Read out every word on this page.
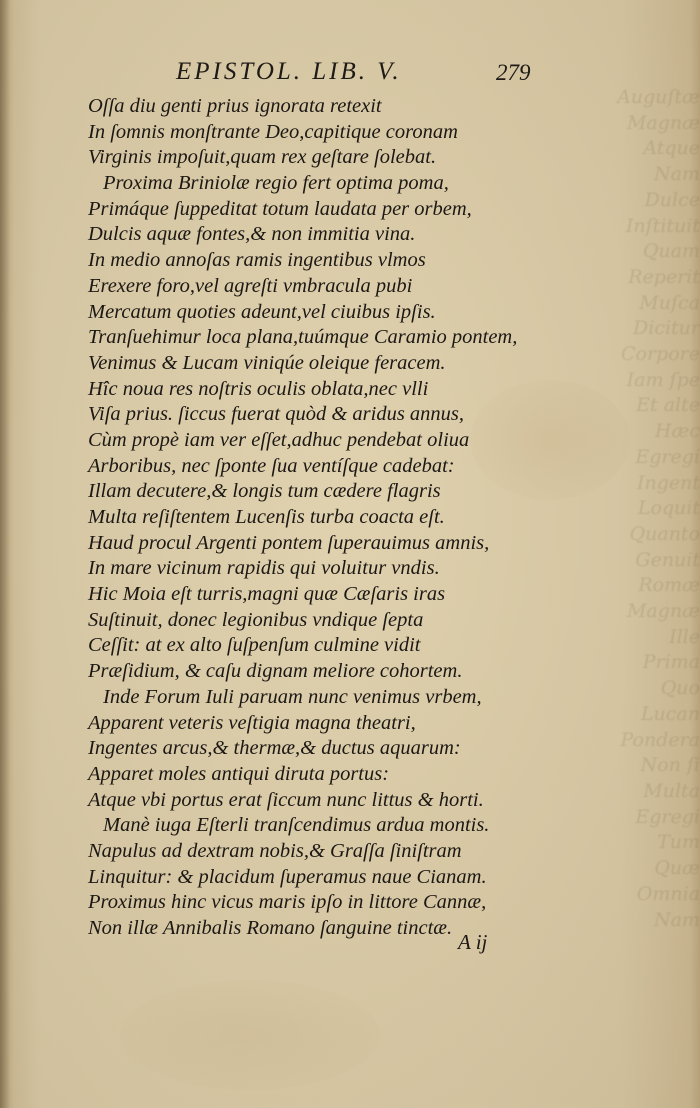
Auguſtæ
Magnæ
Atque
Nam
Dulce
Inſtituit
Quam
Reperit
Muſca
Dicitur
Corpore
Iam ſpe
Et alte
Hæc
Egregi
Ingent
Loquit
Quanto
Genuit
Romæ
Magnæ
Ille
Prima
Quo
Lucan
Pondera
Non ſi
Multa
Egregi
Tum
Quæ
Omnia
Nam
EPISTOL. LIB. V.	279
Oſſa diu genti prius ignorata retexit
In ſomnis monſtrante Deo,capitique coronam
Virginis impoſuit,quam rex geſtare ſolebat.
Proxima Briniolæ regio fert optima poma,
Primáque ſuppeditat totum laudata per orbem,
Dulcis aquæ fontes,& non immitia vina.
In medio annoſas ramis ingentibus vlmos
Erexere foro,vel agreſti vmbracula pubi
Mercatum quoties adeunt,vel ciuibus ipſis.
Tranſuehimur loca plana,tuúmque Caramio pontem,
Venimus & Lucam viniqúe oleique feracem.
Hîc noua res noſtris oculis oblata,nec vlli
Viſa prius. ſiccus fuerat quòd & aridus annus,
Cùm propè iam ver eſſet,adhuc pendebat oliua
Arboribus, nec ſponte ſua ventíſque cadebat:
Illam decutere,& longis tum cædere flagris
Multa reſiſtentem Lucenſis turba coacta eſt.
Haud procul Argenti pontem ſuperauimus amnis,
In mare vicinum rapidis qui voluitur vndis.
Hic Moia eſt turris,magni quæ Cæſaris iras
Suſtinuit, donec legionibus vndique ſepta
Ceſſit: at ex alto ſuſpenſum culmine vidit
Præſidium, & caſu dignam meliore cohortem.
Inde Forum Iuli paruam nunc venimus vrbem,
Apparent veteris veſtigia magna theatri,
Ingentes arcus,& thermæ,& ductus aquarum:
Apparet moles antiqui diruta portus:
Atque vbi portus erat ſiccum nunc littus & horti.
Manè iuga Eſterli tranſcendimus ardua montis.
Napulus ad dextram nobis,& Graſſa ſiniſtram
Linquitur: & placidum ſuperamus naue Cianam.
Proximus hinc vicus maris ipſo in littore Cannæ,
Non illæ Annibalis Romano ſanguine tinctæ.
A ij
